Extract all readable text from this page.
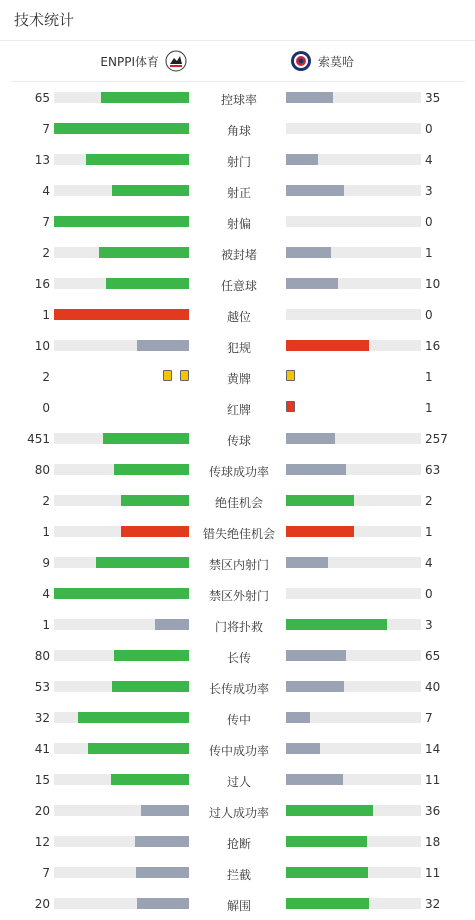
技术统计
ENPPI体育	索莫哈
65	控球率	35
7	角球	0
13	射门	4
4	射正	3
7	射偏	0
2	被封堵	1
16	任意球	10
1	越位	0
10	犯规	16
2	黄牌	1
0	红牌	1
451	传球	257
80	传球成功率	63
2	绝佳机会	2
1	错失绝佳机会	1
9	禁区内射门	4
4	禁区外射门	0
1	门将扑救	3
80	长传	65
53	长传成功率	40
32	传中	7
41	传中成功率	14
15	过人	11
20	过人成功率	36
12	抢断	18
7	拦截	11
20	解围	32
